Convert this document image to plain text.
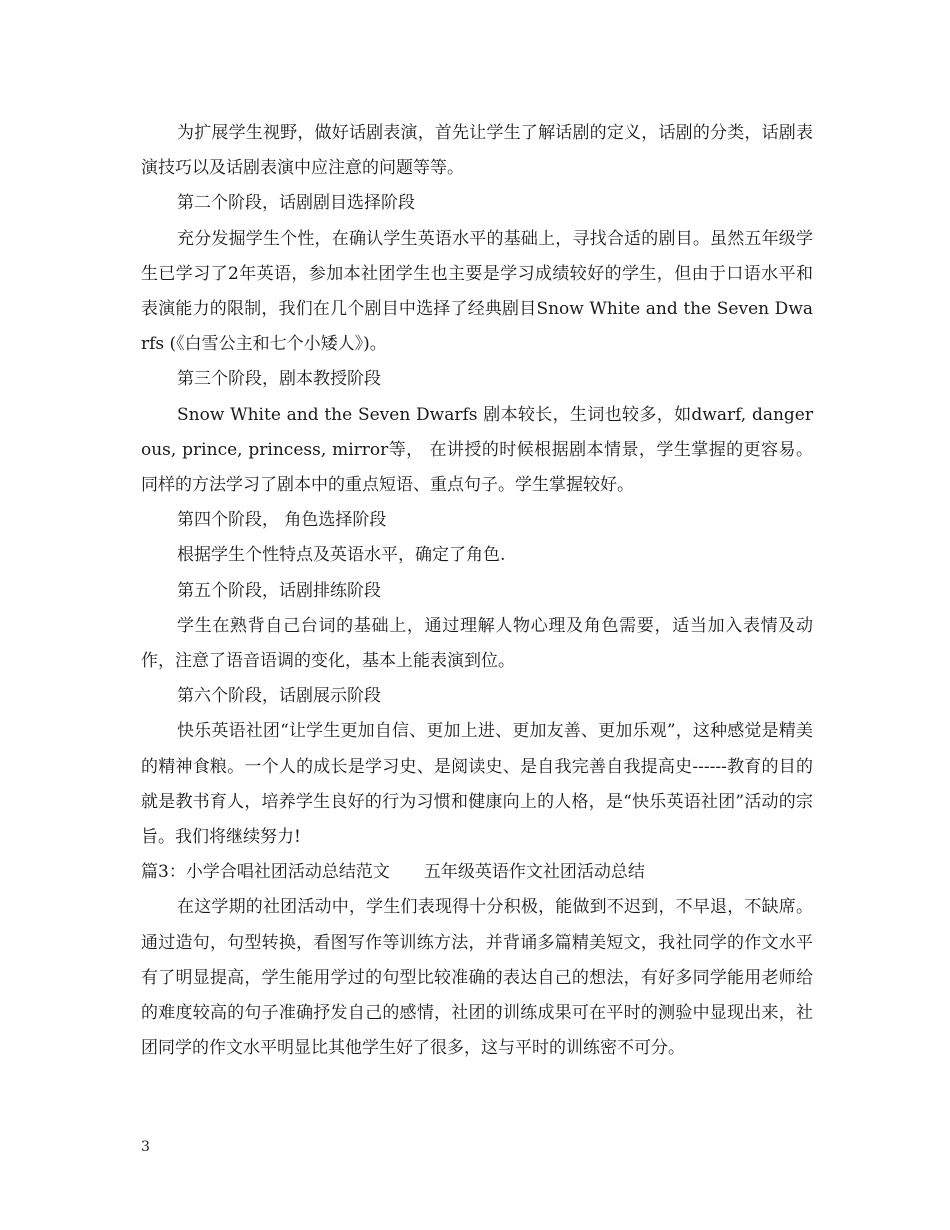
为扩展学生视野，做好话剧表演，首先让学生了解话剧的定义，话剧的分类，话剧表演技巧以及话剧表演中应注意的问题等等。

第二个阶段，话剧剧目选择阶段

充分发掘学生个性，在确认学生英语水平的基础上，寻找合适的剧目。虽然五年级学生已学习了2年英语，参加本社团学生也主要是学习成绩较好的学生，但由于口语水平和表演能力的限制，我们在几个剧目中选择了经典剧目Snow White and the Seven Dwarfs (《白雪公主和七个小矮人》)。

第三个阶段，剧本教授阶段

Snow White and the Seven Dwarfs 剧本较长，生词也较多，如dwarf, dangerous, prince, princess, mirror等， 在讲授的时候根据剧本情景，学生掌握的更容易。同样的方法学习了剧本中的重点短语、重点句子。学生掌握较好。

第四个阶段， 角色选择阶段

根据学生个性特点及英语水平，确定了角色.

第五个阶段，话剧排练阶段

学生在熟背自己台词的基础上，通过理解人物心理及角色需要，适当加入表情及动作，注意了语音语调的变化，基本上能表演到位。

第六个阶段，话剧展示阶段

快乐英语社团“让学生更加自信、更加上进、更加友善、更加乐观”，这种感觉是精美的精神食粮。一个人的成长是学习史、是阅读史、是自我完善自我提高史------教育的目的就是教书育人，培养学生良好的行为习惯和健康向上的人格，是“快乐英语社团”活动的宗旨。我们将继续努力!

篇3：小学合唱社团活动总结范文　　五年级英语作文社团活动总结

在这学期的社团活动中，学生们表现得十分积极，能做到不迟到，不早退，不缺席。通过造句，句型转换，看图写作等训练方法，并背诵多篇精美短文，我社同学的作文水平有了明显提高，学生能用学过的句型比较准确的表达自己的想法，有好多同学能用老师给的难度较高的句子准确抒发自己的感情，社团的训练成果可在平时的测验中显现出来，社团同学的作文水平明显比其他学生好了很多，这与平时的训练密不可分。

3
